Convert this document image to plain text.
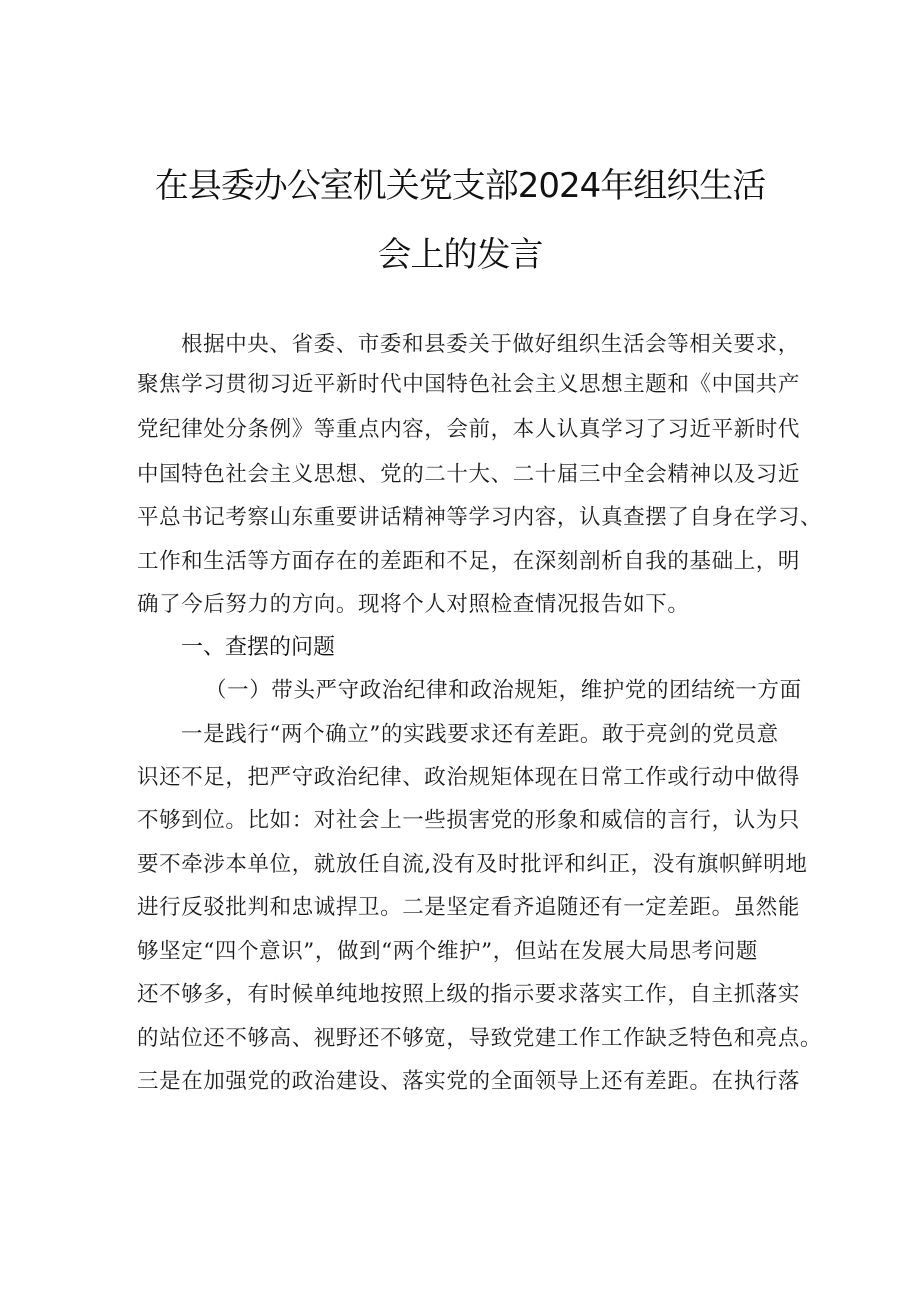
在县委办公室机关党支部2024年组织生活
会上的发言
根据中央、省委、市委和县委关于做好组织生活会等相关要求，
聚焦学习贯彻习近平新时代中国特色社会主义思想主题和《中国共产
党纪律处分条例》等重点内容，会前，本人认真学习了习近平新时代
中国特色社会主义思想、党的二十大、二十届三中全会精神以及习近
平总书记考察山东重要讲话精神等学习内容，认真查摆了自身在学习、
工作和生活等方面存在的差距和不足，在深刻剖析自我的基础上，明
确了今后努力的方向。现将个人对照检查情况报告如下。
一、查摆的问题
（一）带头严守政治纪律和政治规矩，维护党的团结统一方面
一是践行“两个确立”的实践要求还有差距。敢于亮剑的党员意
识还不足，把严守政治纪律、政治规矩体现在日常工作或行动中做得
不够到位。比如：对社会上一些损害党的形象和威信的言行，认为只
要不牵涉本单位，就放任自流,没有及时批评和纠正，没有旗帜鲜明地
进行反驳批判和忠诚捍卫。二是坚定看齐追随还有一定差距。虽然能
够坚定“四个意识”，做到“两个维护”，但站在发展大局思考问题
还不够多，有时候单纯地按照上级的指示要求落实工作，自主抓落实
的站位还不够高、视野还不够宽，导致党建工作工作缺乏特色和亮点。
三是在加强党的政治建设、落实党的全面领导上还有差距。在执行落
